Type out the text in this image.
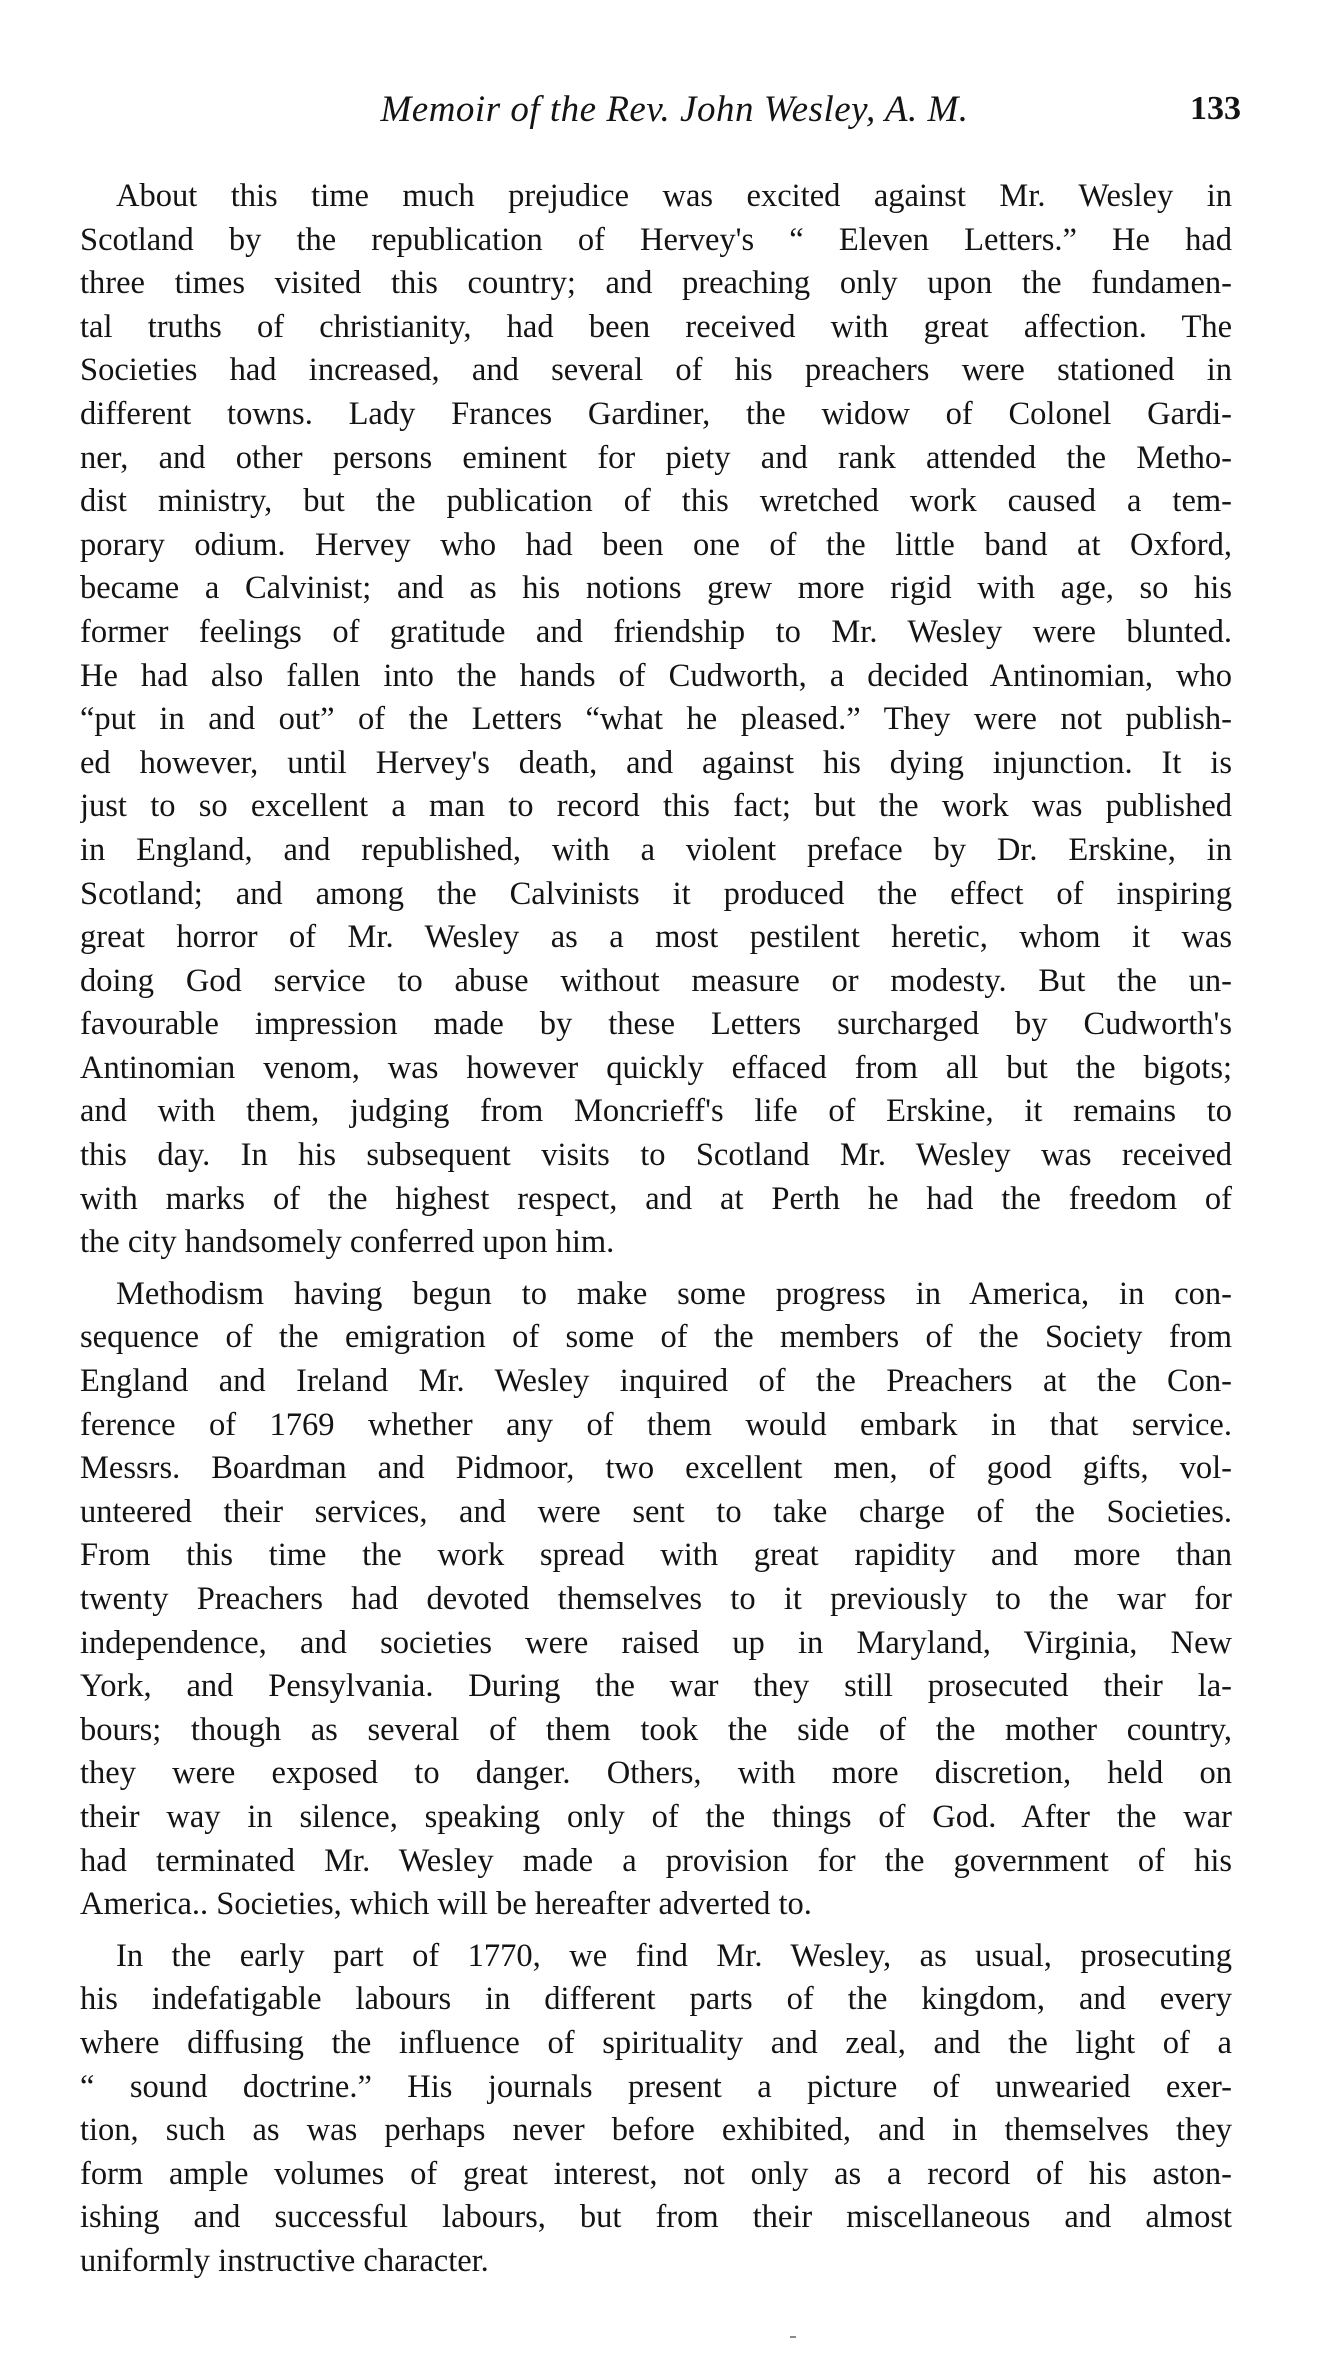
Memoir of the Rev. John Wesley, A. M.	133
About this time much prejudice was excited against Mr. Wesley in
Scotland by the republication of Hervey's “ Eleven Letters.” He had
three times visited this country; and preaching only upon the fundamen-
tal truths of christianity, had been received with great affection. The
Societies had increased, and several of his preachers were stationed in
different towns. Lady Frances Gardiner, the widow of Colonel Gardi-
ner, and other persons eminent for piety and rank attended the Metho-
dist ministry, but the publication of this wretched work caused a tem-
porary odium. Hervey who had been one of the little band at Oxford,
became a Calvinist; and as his notions grew more rigid with age, so his
former feelings of gratitude and friendship to Mr. Wesley were blunted.
He had also fallen into the hands of Cudworth, a decided Antinomian, who
“put in and out” of the Letters “what he pleased.” They were not publish-
ed however, until Hervey's death, and against his dying injunction. It is
just to so excellent a man to record this fact; but the work was published
in England, and republished, with a violent preface by Dr. Erskine, in
Scotland; and among the Calvinists it produced the effect of inspiring
great horror of Mr. Wesley as a most pestilent heretic, whom it was
doing God service to abuse without measure or modesty. But the un-
favourable impression made by these Letters surcharged by Cudworth's
Antinomian venom, was however quickly effaced from all but the bigots;
and with them, judging from Moncrieff's life of Erskine, it remains to
this day. In his subsequent visits to Scotland Mr. Wesley was received
with marks of the highest respect, and at Perth he had the freedom of
the city handsomely conferred upon him.
Methodism having begun to make some progress in America, in con-
sequence of the emigration of some of the members of the Society from
England and Ireland Mr. Wesley inquired of the Preachers at the Con-
ference of 1769 whether any of them would embark in that service.
Messrs. Boardman and Pidmoor, two excellent men, of good gifts, vol-
unteered their services, and were sent to take charge of the Societies.
From this time the work spread with great rapidity and more than
twenty Preachers had devoted themselves to it previously to the war for
independence, and societies were raised up in Maryland, Virginia, New
York, and Pensylvania. During the war they still prosecuted their la-
bours; though as several of them took the side of the mother country,
they were exposed to danger. Others, with more discretion, held on
their way in silence, speaking only of the things of God. After the war
had terminated Mr. Wesley made a provision for the government of his
America.. Societies, which will be hereafter adverted to.
In the early part of 1770, we find Mr. Wesley, as usual, prosecuting
his indefatigable labours in different parts of the kingdom, and every
where diffusing the influence of spirituality and zeal, and the light of a
“ sound doctrine.” His journals present a picture of unwearied exer-
tion, such as was perhaps never before exhibited, and in themselves they
form ample volumes of great interest, not only as a record of his aston-
ishing and successful labours, but from their miscellaneous and almost
uniformly instructive character.
